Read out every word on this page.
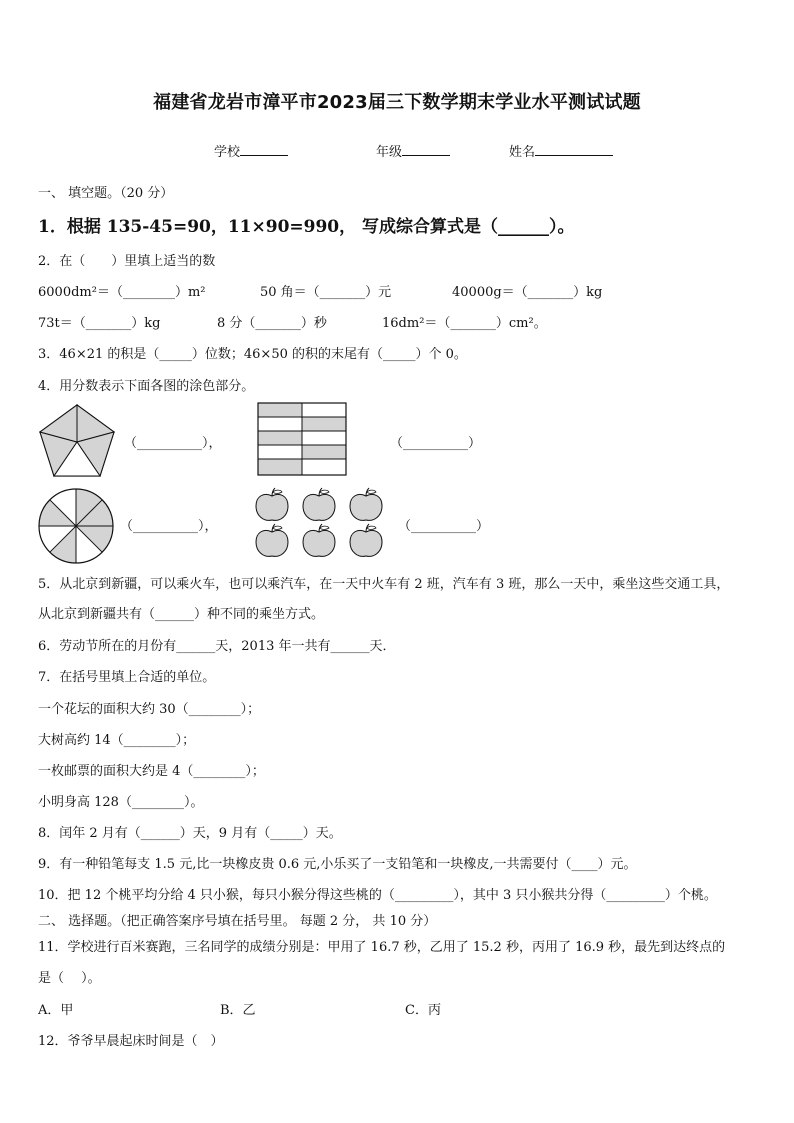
福建省龙岩市漳平市2023届三下数学期末学业水平测试试题
学校	年级	姓名
一、 填空题。（20 分）
1．根据 135-45=90，11×90=990， 写成综合算式是（______）。
2．在（　　）里填上适当的数
6000dm²＝（________）m²	50 角＝（_______）元	40000g＝（_______）kg
73t＝（_______）kg	8 分（_______）秒	16dm²＝（_______）cm²。
3．46×21 的积是（_____）位数；46×50 的积的末尾有（_____）个 0。
4．用分数表示下面各图的涂色部分。
（__________），	（__________）
（__________），	（__________）
5．从北京到新疆，可以乘火车，也可以乘汽车，在一天中火车有 2 班，汽车有 3 班，那么一天中，乘坐这些交通工具，
从北京到新疆共有（______）种不同的乘坐方式。
6．劳动节所在的月份有______天，2013 年一共有______天．
7．在括号里填上合适的单位。
一个花坛的面积大约 30（________）；
大树高约 14（________）；
一枚邮票的面积大约是 4（________）；
小明身高 128（________）。
8．闰年 2 月有（______）天，9 月有（_____）天。
9．有一种铅笔每支 1.5 元,比一块橡皮贵 0.6 元,小乐买了一支铅笔和一块橡皮,一共需要付（____）元。
10．把 12 个桃平均分给 4 只小猴，每只小猴分得这些桃的（_________），其中 3 只小猴共分得（_________）个桃。
二、 选择题。（把正确答案序号填在括号里。 每题 2 分， 共 10 分）
11．学校进行百米赛跑，三名同学的成绩分别是：甲用了 16.7 秒，乙用了 15.2 秒，丙用了 16.9 秒，最先到达终点的
是（　 ）。
A．甲	B．乙	C．丙
12．爷爷早晨起床时间是（　）
